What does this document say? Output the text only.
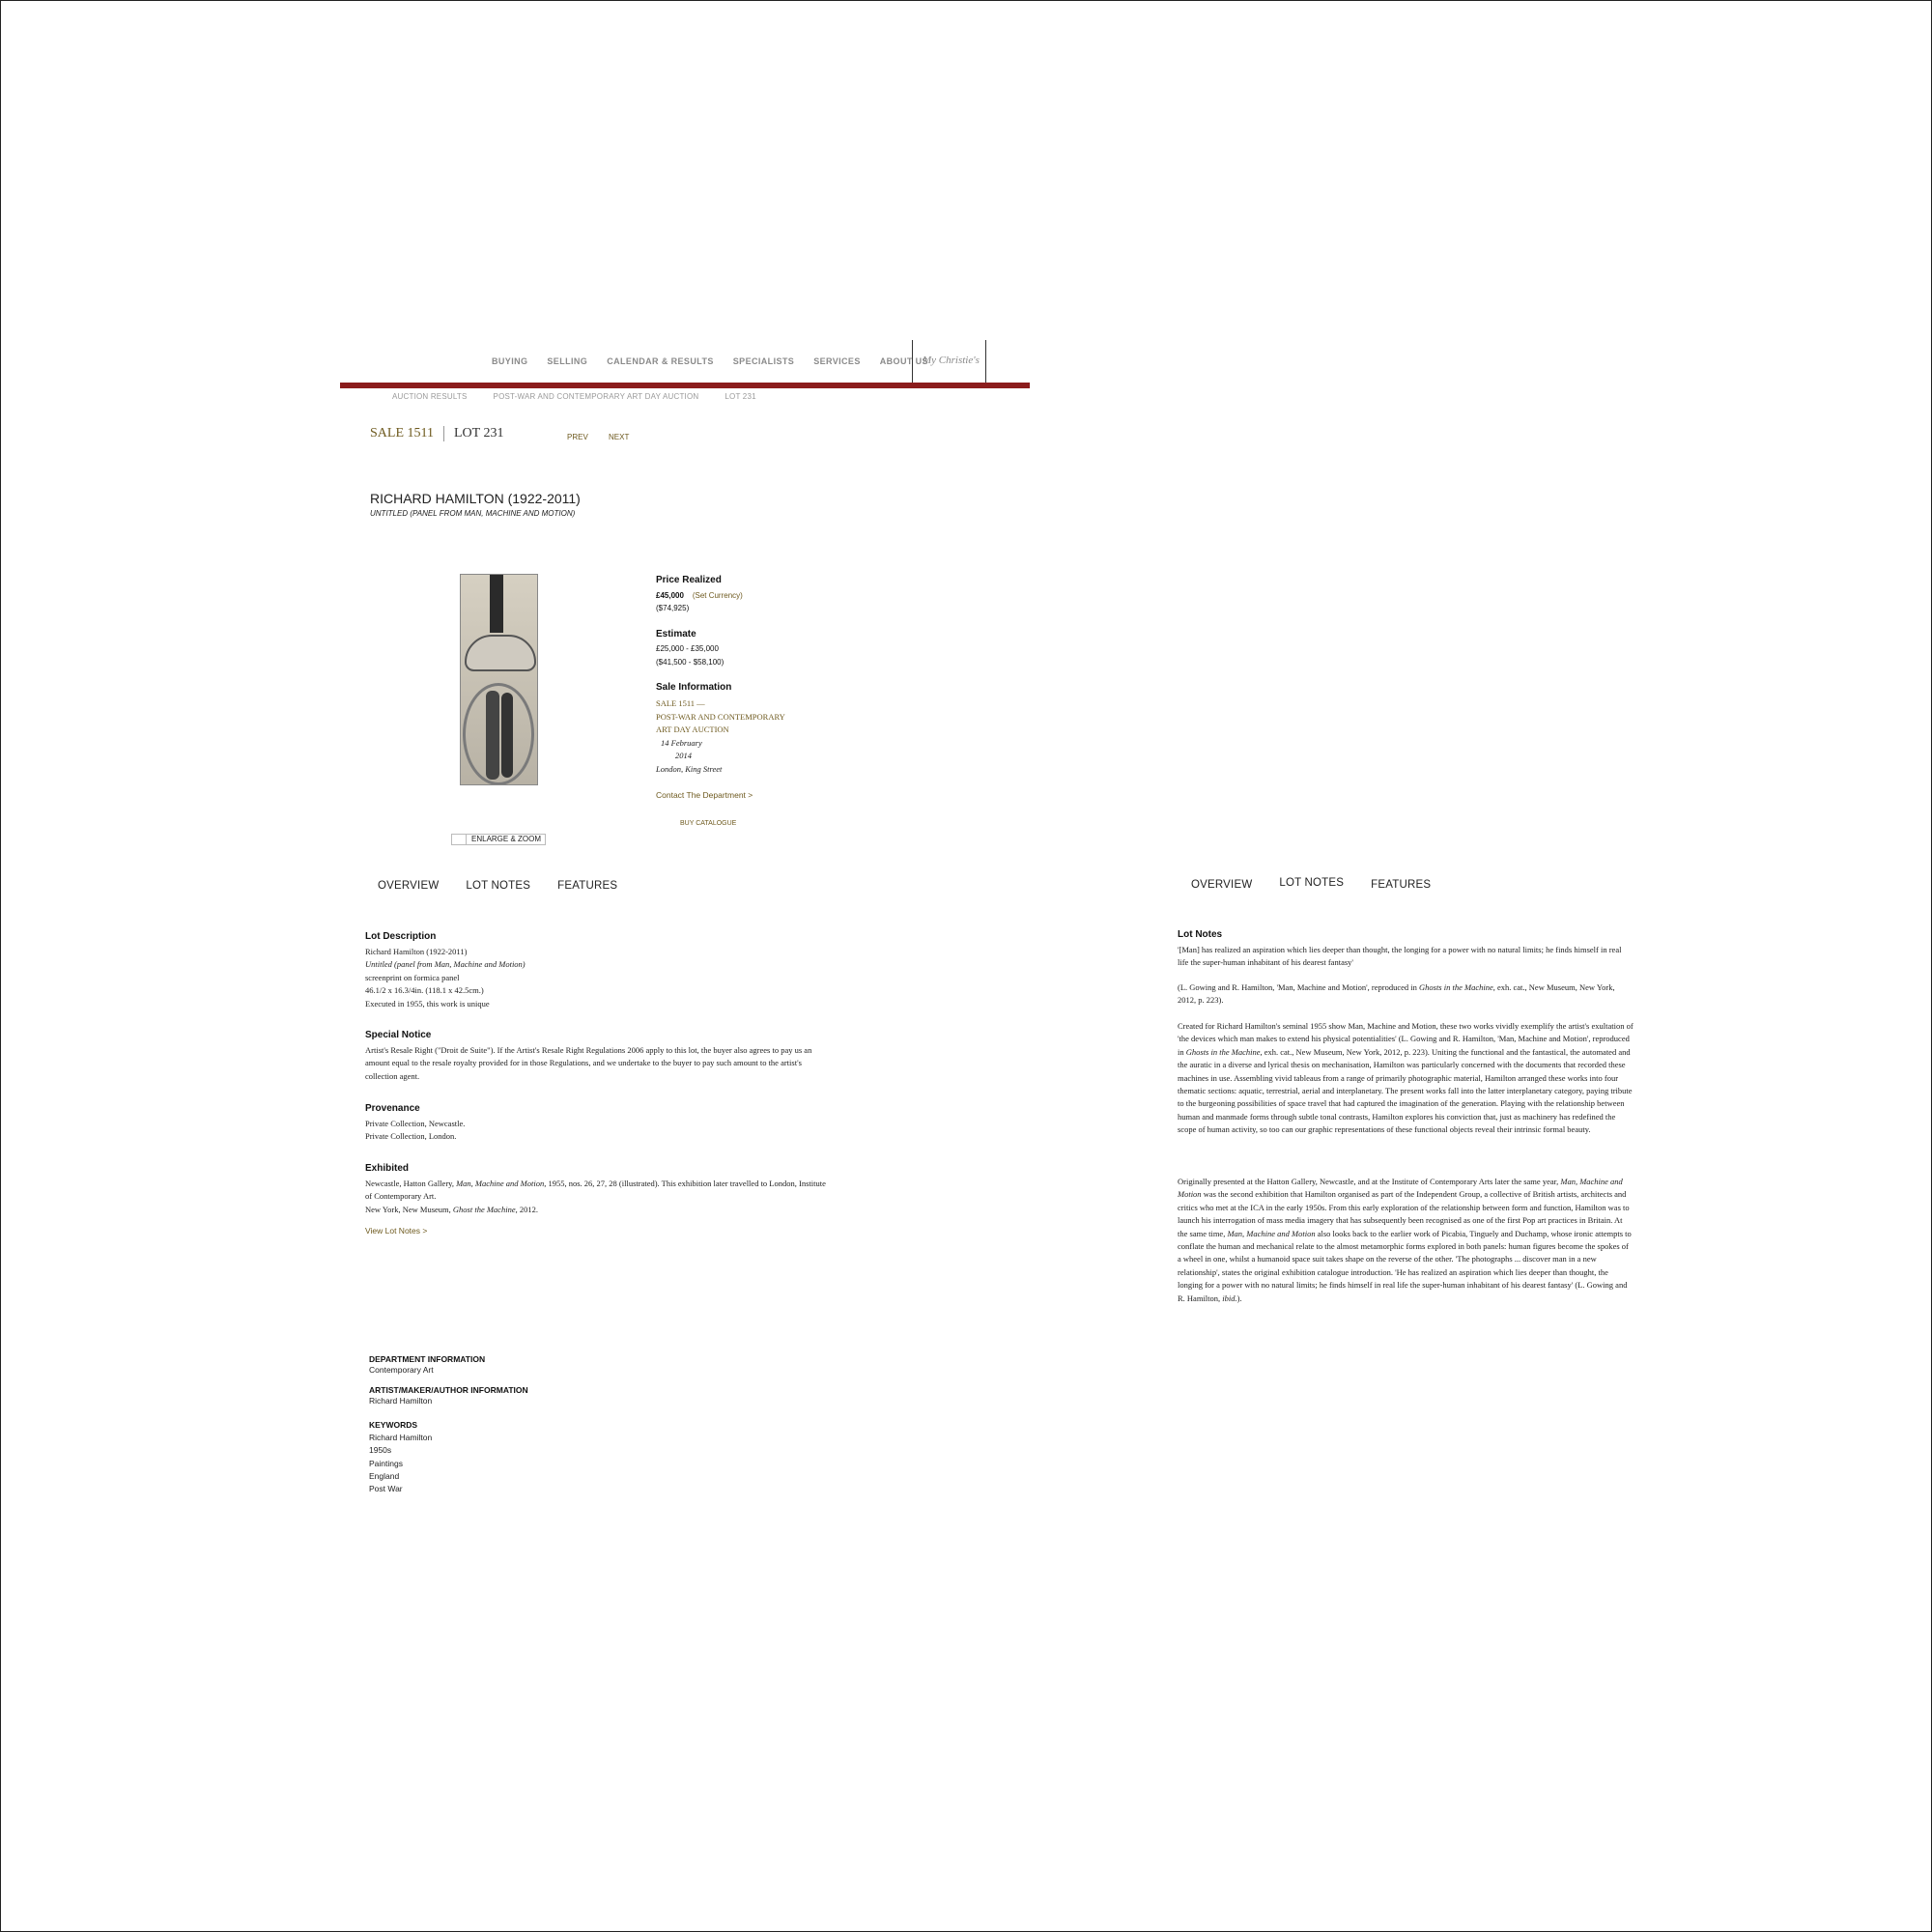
BUYING SELLING CALENDAR & RESULTS SPECIALISTS SERVICES ABOUT US
My Christie's
AUCTION RESULTS	POST-WAR AND CONTEMPORARY ART DAY AUCTION	LOT 231
SALE 1511 LOT 231	PREV	NEXT
RICHARD HAMILTON (1922-2011)
UNTITLED (PANEL FROM MAN, MACHINE AND MOTION)
ENLARGE & ZOOM
Price Realized
£45,000 (Set Currency)
($74,925)
Estimate
£25,000 - £35,000
($41,500 - $58,100)
Sale Information
SALE 1511 —
POST-WAR AND CONTEMPORARY
ART DAY AUCTION
14 February
2014
London, King Street
Contact The Department >
BUY CATALOGUE
OVERVIEW LOT NOTES FEATURES
Lot Description
Richard Hamilton (1922-2011)
Untitled (panel from Man, Machine and Motion)
screenprint on formica panel
46.1/2 x 16.3/4in. (118.1 x 42.5cm.)
Executed in 1955, this work is unique
Special Notice
Artist's Resale Right ("Droit de Suite"). If the Artist's Resale Right Regulations 2006 apply to this lot, the buyer also agrees to pay us an amount equal to the resale royalty provided for in those Regulations, and we undertake to the buyer to pay such amount to the artist's collection agent.
Provenance
Private Collection, Newcastle.
Private Collection, London.
Exhibited
Newcastle, Hatton Gallery, Man, Machine and Motion, 1955, nos. 26, 27, 28 (illustrated). This exhibition later travelled to London, Institute of Contemporary Art.
New York, New Museum, Ghost the Machine, 2012.
View Lot Notes >
DEPARTMENT INFORMATION
Contemporary Art
ARTIST/MAKER/AUTHOR INFORMATION
Richard Hamilton
KEYWORDS
Richard Hamilton
1950s
Paintings
England
Post War
OVERVIEW LOT NOTES FEATURES
Lot Notes

'[Man] has realized an aspiration which lies deeper than thought, the longing for a power with no natural limits; he finds himself in real life the super-human inhabitant of his dearest fantasy'

(L. Gowing and R. Hamilton, 'Man, Machine and Motion', reproduced in Ghosts in the Machine, exh. cat., New Museum, New York, 2012, p. 223).

Created for Richard Hamilton's seminal 1955 show Man, Machine and Motion, these two works vividly exemplify the artist's exultation of 'the devices which man makes to extend his physical potentialities' (L. Gowing and R. Hamilton, 'Man, Machine and Motion', reproduced in Ghosts in the Machine, exh. cat., New Museum, New York, 2012, p. 223). Uniting the functional and the fantastical, the automated and the auratic in a diverse and lyrical thesis on mechanisation, Hamilton was particularly concerned with the documents that recorded these machines in use. Assembling vivid tableaus from a range of primarily photographic material, Hamilton arranged these works into four thematic sections: aquatic, terrestrial, aerial and interplanetary. The present works fall into the latter interplanetary category, paying tribute to the burgeoning possibilities of space travel that had captured the imagination of the generation. Playing with the relationship between human and manmade forms through subtle tonal contrasts, Hamilton explores his conviction that, just as machinery has redefined the scope of human activity, so too can our graphic representations of these functional objects reveal their intrinsic formal beauty.

Originally presented at the Hatton Gallery, Newcastle, and at the Institute of Contemporary Arts later the same year, Man, Machine and Motion was the second exhibition that Hamilton organised as part of the Independent Group, a collective of British artists, architects and critics who met at the ICA in the early 1950s. From this early exploration of the relationship between form and function, Hamilton was to launch his interrogation of mass media imagery that has subsequently been recognised as one of the first Pop art practices in Britain. At the same time, Man, Machine and Motion also looks back to the earlier work of Picabia, Tinguely and Duchamp, whose ironic attempts to conflate the human and mechanical relate to the almost metamorphic forms explored in both panels: human figures become the spokes of a wheel in one, whilst a humanoid space suit takes shape on the reverse of the other. 'The photographs ... discover man in a new relationship', states the original exhibition catalogue introduction. 'He has realized an aspiration which lies deeper than thought, the longing for a power with no natural limits; he finds himself in real life the super-human inhabitant of his dearest fantasy' (L. Gowing and R. Hamilton, ibid.).
